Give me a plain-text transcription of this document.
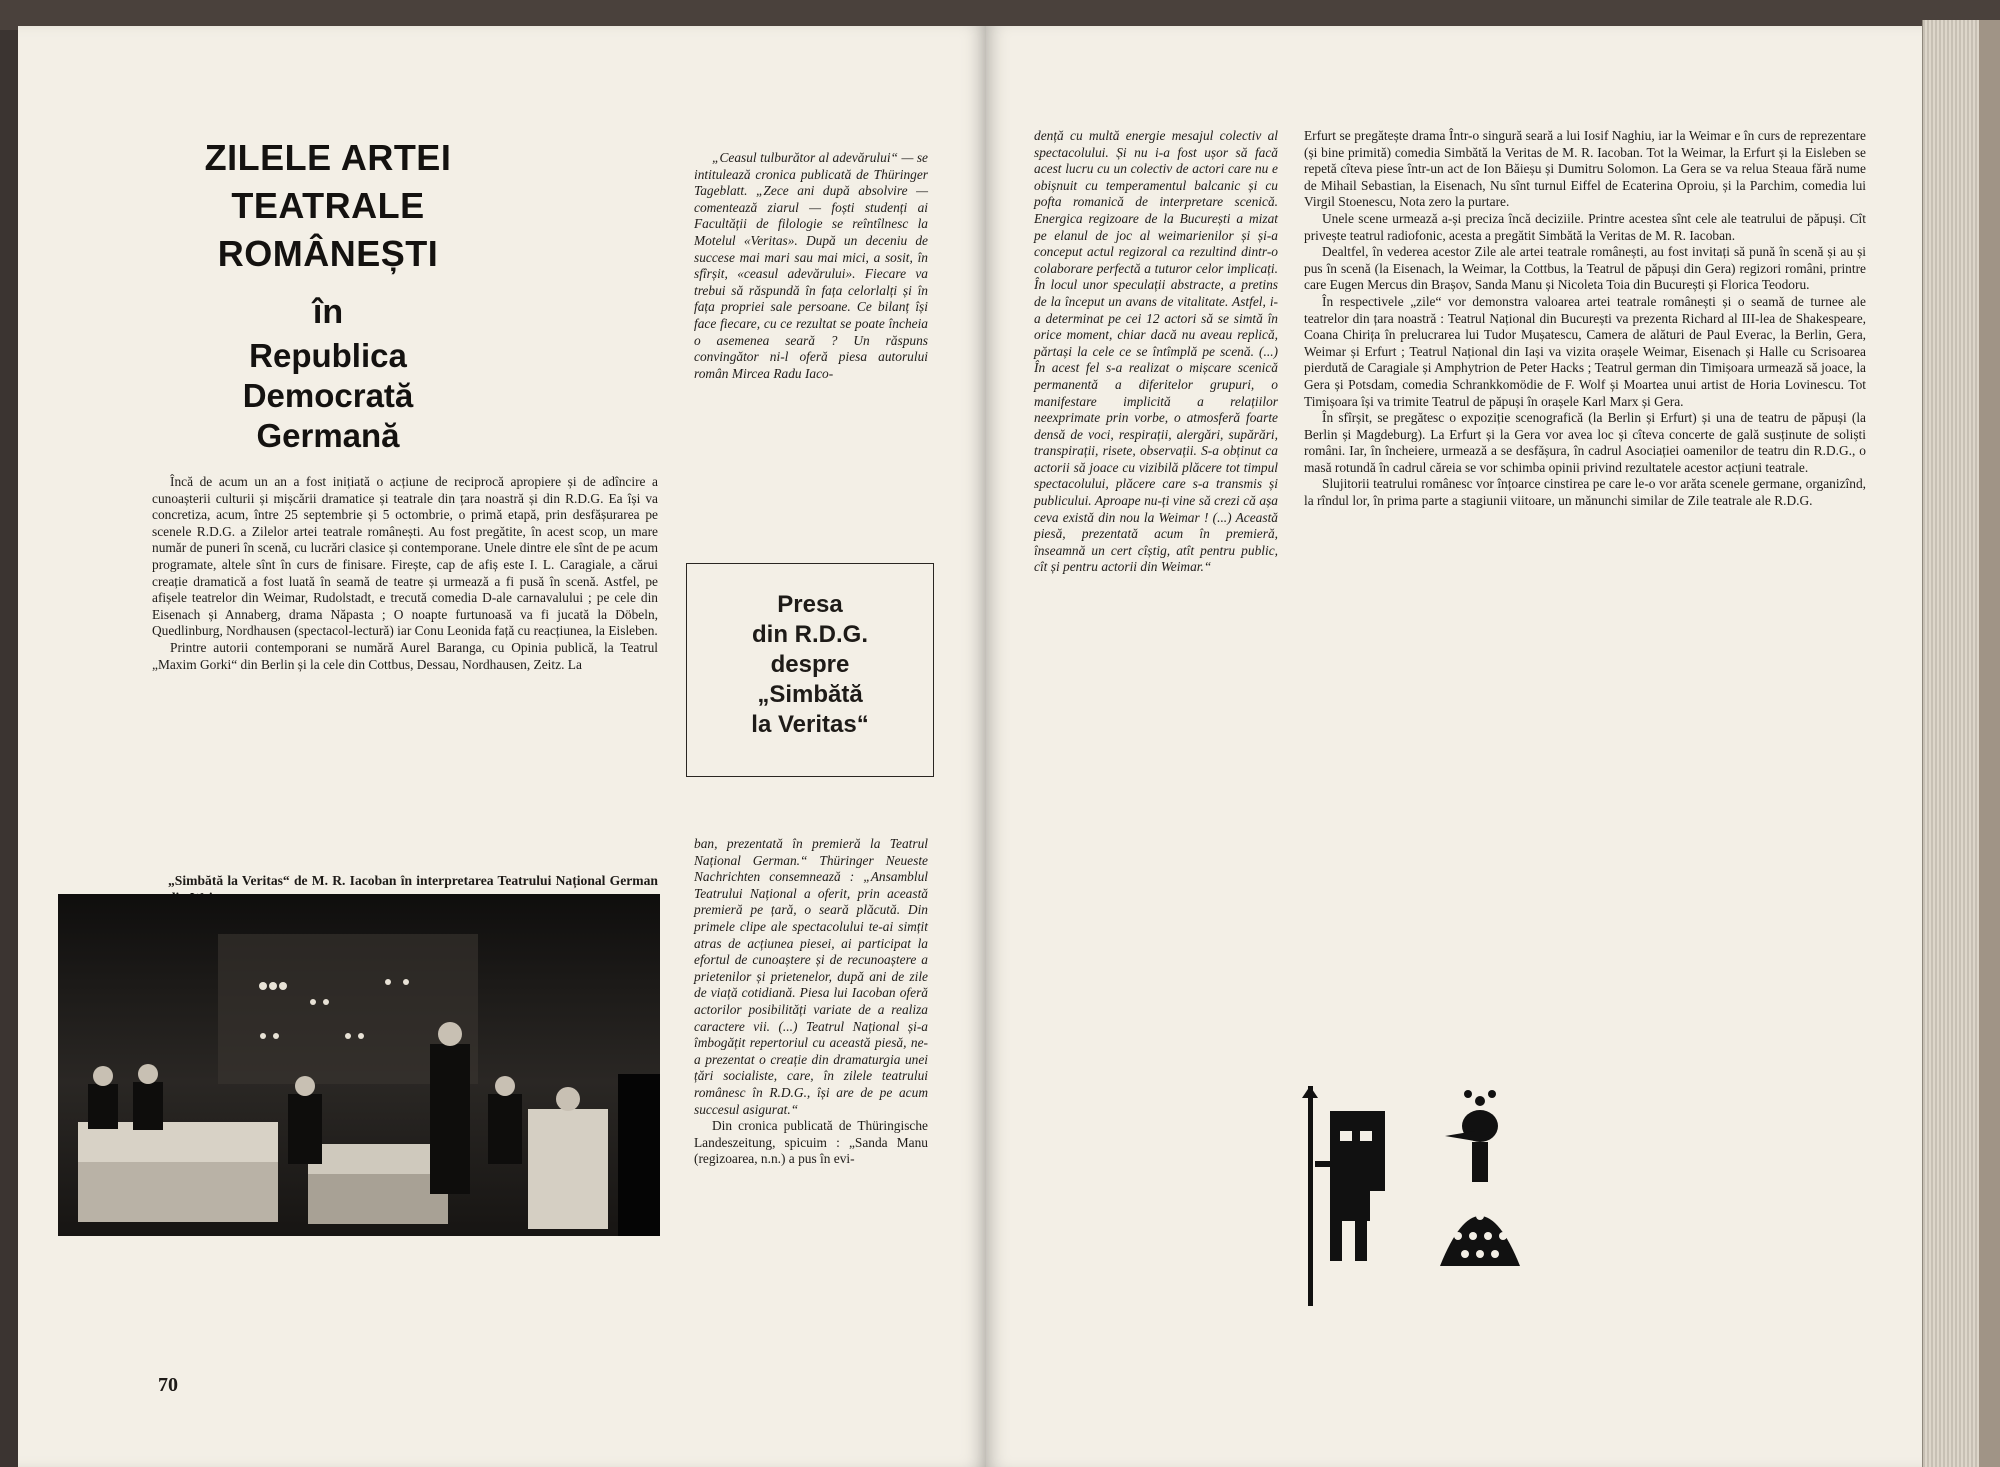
ZILELE ARTEI
TEATRALE ROMÂNEȘTI
în
Republica
Democrată
Germană

Încă de acum un an a fost inițiată o acțiune de reciprocă apropiere și de adîncire a cunoașterii culturii și mișcării dramatice și teatrale din țara noastră și din R.D.G. Ea își va concretiza, acum, între 25 septembrie și 5 octombrie, o primă etapă, prin desfășurarea pe scenele R.D.G. a Zilelor artei teatrale românești. Au fost pregătite, în acest scop, un mare număr de puneri în scenă, cu lucrări clasice și contemporane. Unele dintre ele sînt de pe acum programate, altele sînt în curs de finisare. Firește, cap de afiș este I. L. Caragiale, a cărui creație dramatică a fost luată în seamă de teatre și urmează a fi pusă în scenă. Astfel, pe afișele teatrelor din Weimar, Rudolstadt, e trecută comedia D-ale carnavalului ; pe cele din Eisenach și Annaberg, drama Năpasta ; O noapte furtunoasă va fi jucată la Döbeln, Quedlinburg, Nordhausen (spectacol-lectură) iar Conu Leonida față cu reacțiunea, la Eisleben.

Printre autorii contemporani se numără Aurel Baranga, cu Opinia publică, la Teatrul „Maxim Gorki“ din Berlin și la cele din Cottbus, Dessau, Nordhausen, Zeitz. La

„Simbătă la Veritas“ de M. R. Iacoban în interpretarea Teatrului Național German

„Ceasul tulburător al adevărului“ — se intitulează cronica publicată de Thüringer Tageblatt. „Zece ani după absolvire — comentează ziarul — foști studenți ai Facultății de filologie se reîntîlnesc la Motelul «Veritas». După un deceniu de succese mai mari sau mai mici, a sosit, în sfîrșit, «ceasul adevărului». Fiecare va trebui să răspundă în fața celorlalți și în fața propriei sale persoane. Ce bilanț își face fiecare, cu ce rezultat se poate încheia o asemenea seară ? Un răspuns convingător ni-l oferă piesa autorului român Mircea Radu Iaco-

Presa
din R.D.G.
despre
„Simbătă
la Veritas“

ban, prezentată în premieră la Teatrul Național German.“ Thüringer Neueste Nachrichten consemnează : „Ansamblul Teatrului Național a oferit, prin această premieră pe țară, o seară plăcută. Din primele clipe ale spectacolului te-ai simțit atras de acțiunea piesei, ai participat la efortul de cunoaștere și de recunoaștere a prietenilor și prietenelor, după ani de zile de viață cotidiană. Piesa lui Iacoban oferă actorilor posibilități variate de a realiza caractere vii. (...) Teatrul Național și-a îmbogățit repertoriul cu această piesă, ne-a prezentat o creație din dramaturgia unei țări socialiste, care, în zilele teatrului românesc în R.D.G., își are de pe acum succesul asigurat.“

Din cronica publicată de Thüringische Landeszeitung, spicuim : „Sanda Manu (regizoarea, n.n.) a pus în evi-

70

dență cu multă energie mesajul colectiv al spectacolului. Și nu i-a fost ușor să facă acest lucru cu un colectiv de actori care nu e obișnuit cu temperamentul balcanic și cu pofta romanică de interpretare scenică. Energica regizoare de la București a mizat pe elanul de joc al weimarienilor și și-a conceput actul regizoral ca rezultind dintr-o colaborare perfectă a tuturor celor implicați. În locul unor speculații abstracte, a pretins de la început un avans de vitalitate. Astfel, i-a determinat pe cei 12 actori să se simtă în orice moment, chiar dacă nu aveau replică, părtași la cele ce se întîmplă pe scenă. (...) În acest fel s-a realizat o mișcare scenică permanentă a diferitelor grupuri, o manifestare implicită a relațiilor neexprimate prin vorbe, o atmosferă foarte densă de voci, respirații, alergări, supărări, transpirații, risete, observații. S-a obținut ca actorii să joace cu vizibilă plăcere tot timpul spectacolului, plăcere care s-a transmis și publicului. Aproape nu-ți vine să crezi că așa ceva există din nou la Weimar ! (...) Această piesă, prezentată acum în premieră, înseamnă un cert cîștig, atît pentru public, cît și pentru actorii din Weimar.“

Erfurt se pregătește drama Într-o singură seară a lui Iosif Naghiu, iar la Weimar e în curs de reprezentare (și bine primită) comedia Simbătă la Veritas de M. R. Iacoban. Tot la Weimar, la Erfurt și la Eisleben se repetă cîteva piese într-un act de Ion Băieșu și Dumitru Solomon. La Gera se va relua Steaua fără nume de Mihail Sebastian, la Eisenach, Nu sînt turnul Eiffel de Ecaterina Oproiu, și la Parchim, comedia lui Virgil Stoenescu, Nota zero la purtare.

Unele scene urmează a-și preciza încă deciziile. Printre acestea sînt cele ale teatrului de păpuși. Cît privește teatrul radiofonic, acesta a pregătit Simbătă la Veritas de M. R. Iacoban.

Dealtfel, în vederea acestor Zile ale artei teatrale românești, au fost invitați să pună în scenă și au și pus în scenă (la Eisenach, la Weimar, la Cottbus, la Teatrul de păpuși din Gera) regizori români, printre care Eugen Mercus din Brașov, Sanda Manu și Nicoleta Toia din București și Florica Teodoru.

În respectivele „zile“ vor demonstra valoarea artei teatrale românești și o seamă de turnee ale teatrelor din țara noastră : Teatrul Național din București va prezenta Richard al III-lea de Shakespeare, Coana Chirița în prelucrarea lui Tudor Mușatescu, Camera de alături de Paul Everac, la Berlin, Gera, Weimar și Erfurt ; Teatrul Național din Iași va vizita orașele Weimar, Eisenach și Halle cu Scrisoarea pierdută de Caragiale și Amphytrion de Peter Hacks ; Teatrul german din Timișoara urmează să joace, la Gera și Potsdam, comedia Schrankkomödie de F. Wolf și Moartea unui artist de Horia Lovinescu. Tot Timișoara își va trimite Teatrul de păpuși în orașele Karl Marx și Gera.

În sfîrșit, se pregătesc o expoziție scenografică (la Berlin și Erfurt) și una de teatru de păpuși (la Berlin și Magdeburg). La Erfurt și la Gera vor avea loc și cîteva concerte de gală susținute de soliști români. Iar, în încheiere, urmează a se desfășura, în cadrul Asociației oamenilor de teatru din R.D.G., o masă rotundă în cadrul căreia se vor schimba opinii privind rezultatele acestor acțiuni teatrale.

Slujitorii teatrului românesc vor înțoarce cinstirea pe care le-o vor arăta scenele germane, organizînd, la rîndul lor, în prima parte a stagiunii viitoare, un mănunchi similar de Zile teatrale ale R.D.G.
